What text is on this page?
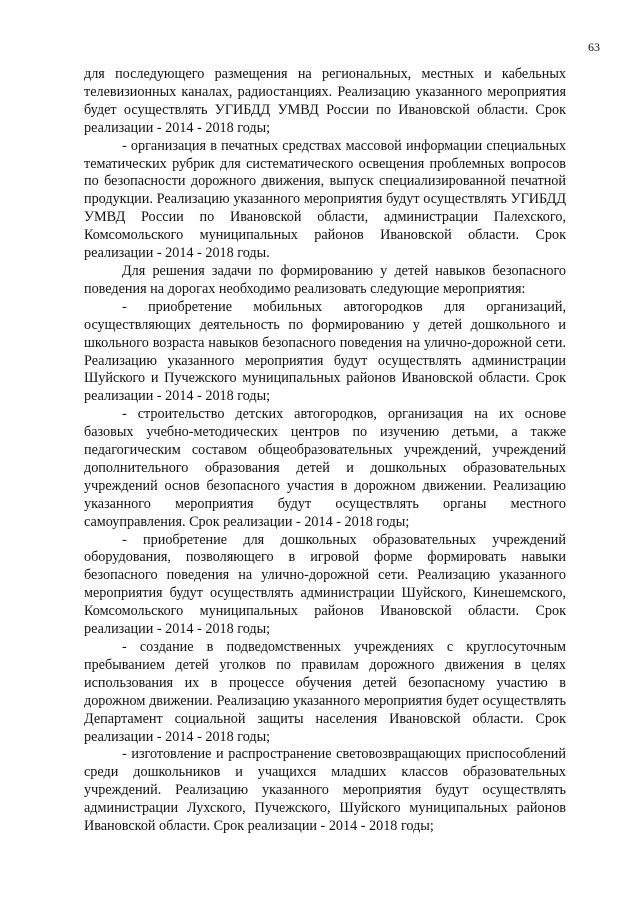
63

для последующего размещения на региональных, местных и кабельных телевизионных каналах, радиостанциях. Реализацию указанного мероприятия будет осуществлять УГИБДД УМВД России по Ивановской области. Срок реализации - 2014 - 2018 годы;

- организация в печатных средствах массовой информации специальных тематических рубрик для систематического освещения проблемных вопросов по безопасности дорожного движения, выпуск специализированной печатной продукции. Реализацию указанного мероприятия будут осуществлять УГИБДД УМВД России по Ивановской области, администрации Палехского, Комсомольского муниципальных районов Ивановской области. Срок реализации - 2014 - 2018 годы.

Для решения задачи по формированию у детей навыков безопасного поведения на дорогах необходимо реализовать следующие мероприятия:

- приобретение мобильных автогородков для организаций, осуществляющих деятельность по формированию у детей дошкольного и школьного возраста навыков безопасного поведения на улично-дорожной сети. Реализацию указанного мероприятия будут осуществлять администрации Шуйского и Пучежского муниципальных районов Ивановской области. Срок реализации - 2014 - 2018 годы;

- строительство детских автогородков, организация на их основе базовых учебно-методических центров по изучению детьми, а также педагогическим составом общеобразовательных учреждений, учреждений дополнительного образования детей и дошкольных образовательных учреждений основ безопасного участия в дорожном движении. Реализацию указанного мероприятия будут осуществлять органы местного самоуправления. Срок реализации - 2014 - 2018 годы;

- приобретение для дошкольных образовательных учреждений оборудования, позволяющего в игровой форме формировать навыки безопасного поведения на улично-дорожной сети. Реализацию указанного мероприятия будут осуществлять администрации Шуйского, Кинешемского, Комсомольского муниципальных районов Ивановской области. Срок реализации - 2014 - 2018 годы;

- создание в подведомственных учреждениях с круглосуточным пребыванием детей уголков по правилам дорожного движения в целях использования их в процессе обучения детей безопасному участию в дорожном движении. Реализацию указанного мероприятия будет осуществлять Департамент социальной защиты населения Ивановской области. Срок реализации - 2014 - 2018 годы;

- изготовление и распространение световозвращающих приспособлений среди дошкольников и учащихся младших классов образовательных учреждений. Реализацию указанного мероприятия будут осуществлять администрации Лухского, Пучежского, Шуйского муниципальных районов Ивановской области. Срок реализации - 2014 - 2018 годы;
